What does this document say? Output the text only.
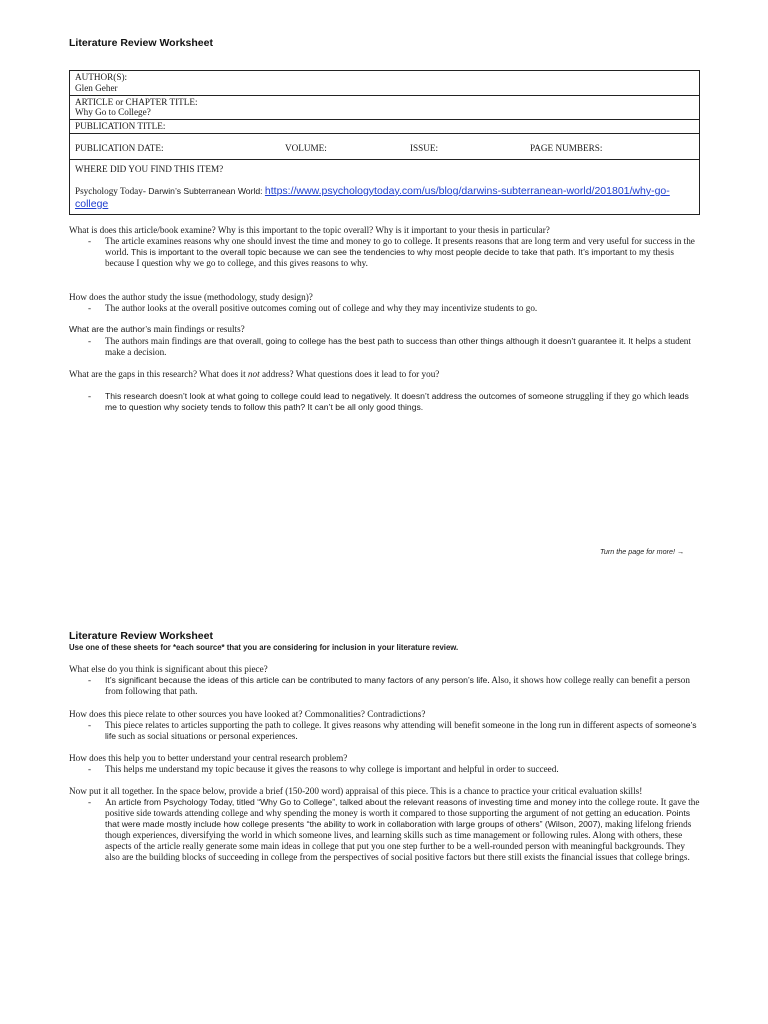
Literature Review Worksheet
AUTHOR(S):
Glen Geher

ARTICLE or CHAPTER TITLE:
Why Go to College?

PUBLICATION TITLE:

PUBLICATION DATE:	VOLUME:	ISSUE:	PAGE NUMBERS:

WHERE DID YOU FIND THIS ITEM?
Psychology Today- Darwin’s Subterranean World: https://www.psychologytoday.com/us/blog/darwins-subterranean-world/201801/why-go-college
What is does this article/book examine? Why is this important to the topic overall? Why is it important to your thesis in particular?
- The article examines reasons why one should invest the time and money to go to college. It presents reasons that are long term and very useful for success in the world. This is important to the overall topic because we can see the tendencies to why most people decide to take that path. It’s important to my thesis because I question why we go to college, and this gives reasons to why.
How does the author study the issue (methodology, study design)?
- The author looks at the overall positive outcomes coming out of college and why they may incentivize students to go.
What are the author’s main findings or results?
- The authors main findings are that overall, going to college has the best path to success than other things although it doesn’t guarantee it. It helps a student make a decision.
What are the gaps in this research? What does it not address? What questions does it lead to for you?
- This research doesn’t look at what going to college could lead to negatively. It doesn’t address the outcomes of someone struggling if they go which leads me to question why society tends to follow this path? It can’t be all only good things.
Turn the page for more! →
Literature Review Worksheet
Use one of these sheets for *each source* that you are considering for inclusion in your literature review.
What else do you think is significant about this piece?
- It’s significant because the ideas of this article can be contributed to many factors of any person’s life. Also, it shows how college really can benefit a person from following that path.
How does this piece relate to other sources you have looked at? Commonalities? Contradictions?
- This piece relates to articles supporting the path to college. It gives reasons why attending will benefit someone in the long run in different aspects of someone’s life such as social situations or personal experiences.
How does this help you to better understand your central research problem?
- This helps me understand my topic because it gives the reasons to why college is important and helpful in order to succeed.
Now put it all together. In the space below, provide a brief (150-200 word) appraisal of this piece. This is a chance to practice your critical evaluation skills!
- An article from Psychology Today, titled “Why Go to College”, talked about the relevant reasons of investing time and money into the college route. It gave the positive side towards attending college and why spending the money is worth it compared to those supporting the argument of not getting an education. Points that were made mostly include how college presents “the ability to work in collaboration with large groups of others” (Wilson, 2007), making lifelong friends though experiences, diversifying the world in which someone lives, and learning skills such as time management or following rules. Along with others, these aspects of the article really generate some main ideas in college that put you one step further to be a well-rounded person with meaningful backgrounds. They also are the building blocks of succeeding in college from the perspectives of social positive factors but there still exists the financial issues that college brings.
